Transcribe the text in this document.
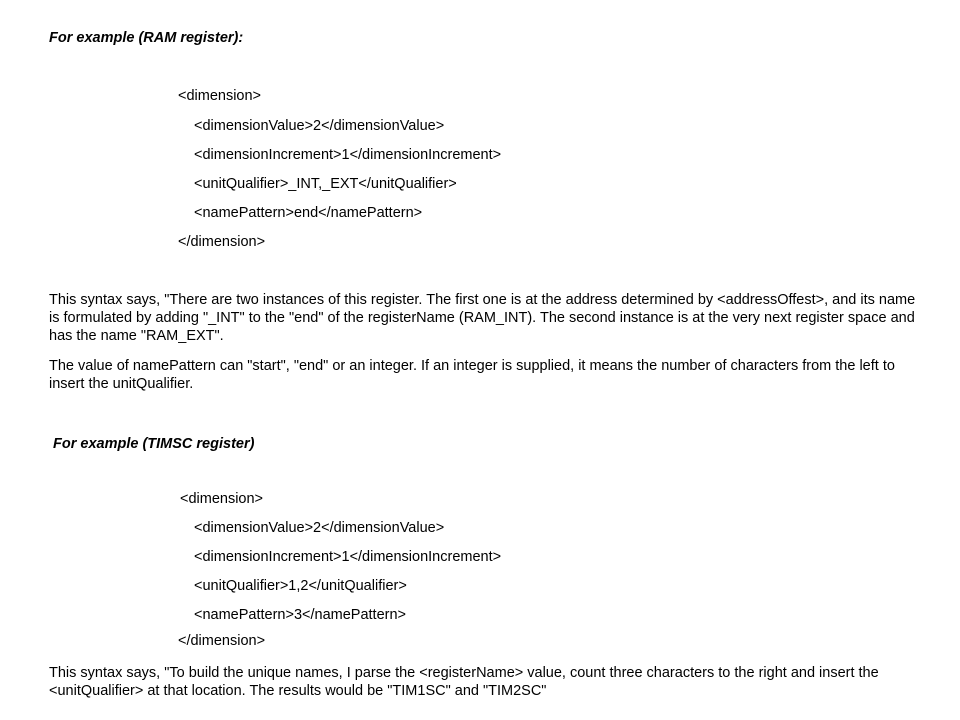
For example (RAM register):
<dimension>
<dimensionValue>2</dimensionValue>
<dimensionIncrement>1</dimensionIncrement>
<unitQualifier>_INT,_EXT</unitQualifier>
<namePattern>end</namePattern>
</dimension>
This syntax says, "There are two instances of this register. The first one is at the address determined by <addressOffest>, and its name is formulated by adding "_INT" to the "end" of the registerName (RAM_INT). The second instance is at the very next register space and has the name "RAM_EXT".
The value of namePattern can "start", "end" or an integer. If an integer is supplied, it means the number of characters from the left to insert the unitQualifier.
For example (TIMSC register)
<dimension>
<dimensionValue>2</dimensionValue>
<dimensionIncrement>1</dimensionIncrement>
<unitQualifier>1,2</unitQualifier>
<namePattern>3</namePattern>
</dimension>
This syntax says, "To build the unique names, I parse the <registerName> value, count three characters to the right and insert the <unitQualifier> at that location. The results would be "TIM1SC" and "TIM2SC"
